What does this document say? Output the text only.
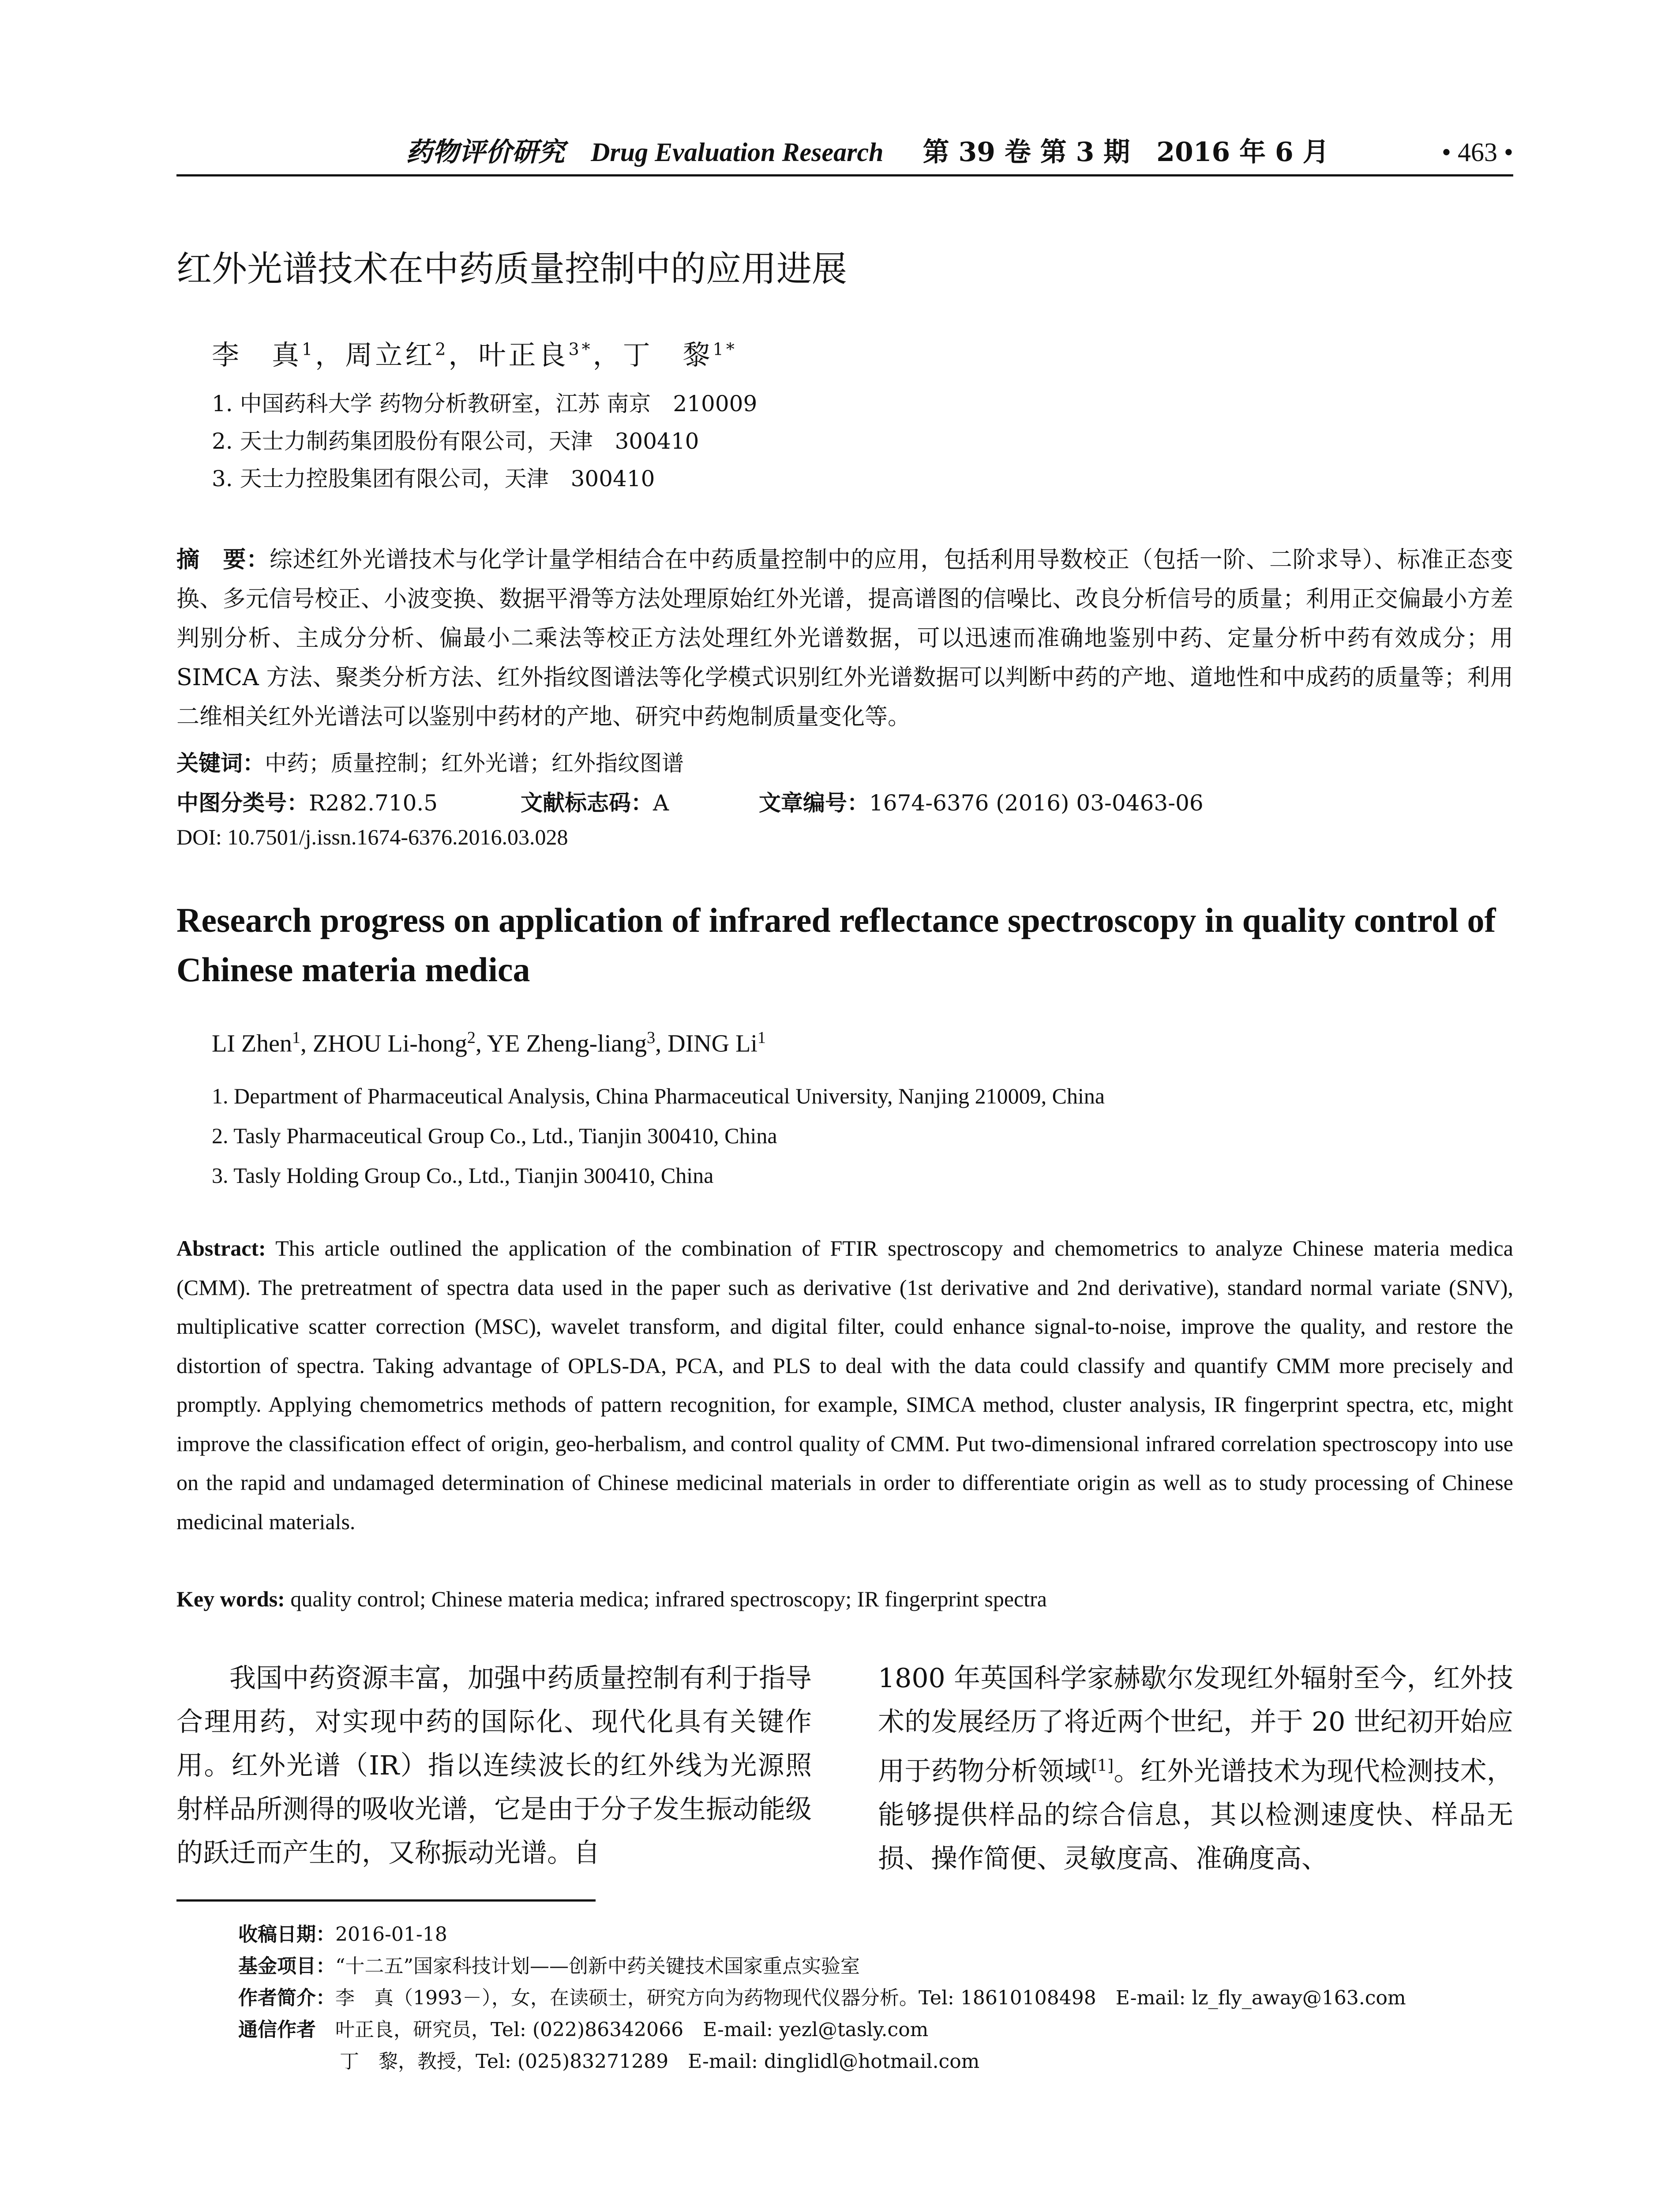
药物评价研究 Drug Evaluation Research 第 39 卷 第 3 期　2016 年 6 月	• 463 •
红外光谱技术在中药质量控制中的应用进展
李　真$^1$，周立红$^2$，叶正良$^{3*}$，丁　黎$^{1*}$
1. 中国药科大学 药物分析教研室，江苏 南京　210009
2. 天士力制药集团股份有限公司，天津　300410
3. 天士力控股集团有限公司，天津　300410
摘　要：综述红外光谱技术与化学计量学相结合在中药质量控制中的应用，包括利用导数校正（包括一阶、二阶求导）、标准正态变换、多元信号校正、小波变换、数据平滑等方法处理原始红外光谱，提高谱图的信噪比、改良分析信号的质量；利用正交偏最小方差判别分析、主成分分析、偏最小二乘法等校正方法处理红外光谱数据，可以迅速而准确地鉴别中药、定量分析中药有效成分；用 SIMCA 方法、聚类分析方法、红外指纹图谱法等化学模式识别红外光谱数据可以判断中药的产地、道地性和中成药的质量等；利用二维相关红外光谱法可以鉴别中药材的产地、研究中药炮制质量变化等。
关键词：中药；质量控制；红外光谱；红外指纹图谱
中图分类号：R282.710.5	文献标志码：A	文章编号：1674-6376 (2016) 03-0463-06
DOI: 10.7501/j.issn.1674-6376.2016.03.028
Research progress on application of infrared reflectance spectroscopy in quality control of Chinese materia medica
LI Zhen$^1$, ZHOU Li-hong$^2$, YE Zheng-liang$^3$, DING Li$^1$
1. Department of Pharmaceutical Analysis, China Pharmaceutical University, Nanjing 210009, China
2. Tasly Pharmaceutical Group Co., Ltd., Tianjin 300410, China
3. Tasly Holding Group Co., Ltd., Tianjin 300410, China
Abstract: This article outlined the application of the combination of FTIR spectroscopy and chemometrics to analyze Chinese materia medica (CMM). The pretreatment of spectra data used in the paper such as derivative (1st derivative and 2nd derivative), standard normal variate (SNV), multiplicative scatter correction (MSC), wavelet transform, and digital filter, could enhance signal-to-noise, improve the quality, and restore the distortion of spectra. Taking advantage of OPLS-DA, PCA, and PLS to deal with the data could classify and quantify CMM more precisely and promptly. Applying chemometrics methods of pattern recognition, for example, SIMCA method, cluster analysis, IR fingerprint spectra, etc, might improve the classification effect of origin, geo-herbalism, and control quality of CMM. Put two-dimensional infrared correlation spectroscopy into use on the rapid and undamaged determination of Chinese medicinal materials in order to differentiate origin as well as to study processing of Chinese medicinal materials.
Key words: quality control; Chinese materia medica; infrared spectroscopy; IR fingerprint spectra
我国中药资源丰富，加强中药质量控制有利于指导合理用药，对实现中药的国际化、现代化具有关键作用。红外光谱（IR）指以连续波长的红外线为光源照射样品所测得的吸收光谱，它是由于分子发生振动能级的跃迁而产生的，又称振动光谱。自
1800 年英国科学家赫歇尔发现红外辐射至今，红外技术的发展经历了将近两个世纪，并于 20 世纪初开始应用于药物分析领域[1]。红外光谱技术为现代检测技术，能够提供样品的综合信息，其以检测速度快、样品无损、操作简便、灵敏度高、准确度高、
收稿日期：2016-01-18
基金项目：“十二五”国家科技计划——创新中药关键技术国家重点实验室
作者简介：李　真（1993－），女，在读硕士，研究方向为药物现代仪器分析。Tel: 18610108498　E-mail: lz_fly_away@163.com
通信作者　 叶正良，研究员，Tel: (022)86342066　E-mail: yezl@tasly.com
丁　黎，教授，Tel: (025)83271289　E-mail: dinglidl@hotmail.com
